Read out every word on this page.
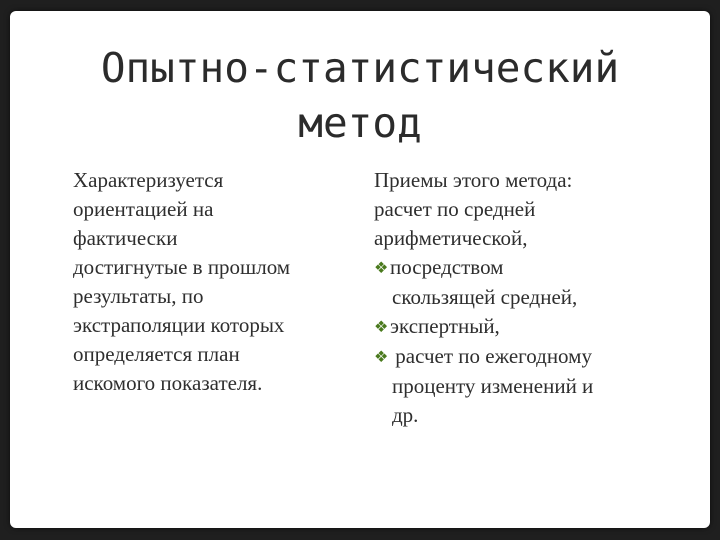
Опытно-статистический
метод
Характеризуется
ориентацией на
фактически
достигнутые в прошлом
результаты, по
экстраполяции которых
определяется план
искомого показателя.
Приемы этого метода:
расчет по средней
арифметической,
❖посредством
скользящей средней,
❖экспертный,
❖ расчет по ежегодному
проценту изменений и
др.
